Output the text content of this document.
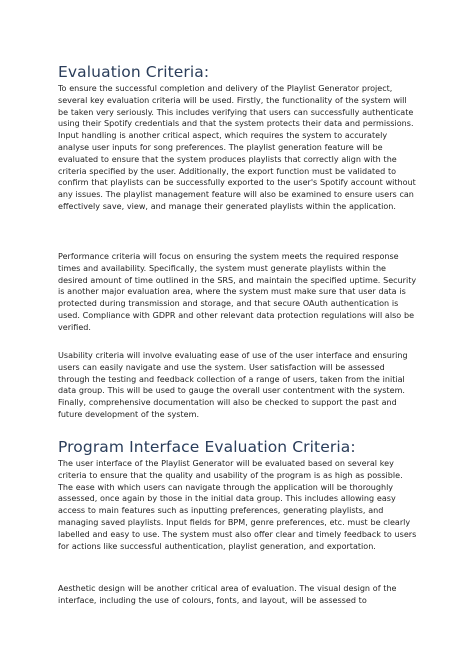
Evaluation Criteria:
To ensure the successful completion and delivery of the Playlist Generator project, several key evaluation criteria will be used. Firstly, the functionality of the system will be taken very seriously. This includes verifying that users can successfully authenticate using their Spotify credentials and that the system protects their data and permissions. Input handling is another critical aspect, which requires the system to accurately analyse user inputs for song preferences. The playlist generation feature will be evaluated to ensure that the system produces playlists that correctly align with the criteria specified by the user. Additionally, the export function must be validated to confirm that playlists can be successfully exported to the user's Spotify account without any issues. The playlist management feature will also be examined to ensure users can effectively save, view, and manage their generated playlists within the application.
Performance criteria will focus on ensuring the system meets the required response times and availability. Specifically, the system must generate playlists within the desired amount of time outlined in the SRS, and maintain the specified uptime. Security is another major evaluation area, where the system must make sure that user data is protected during transmission and storage, and that secure OAuth authentication is used. Compliance with GDPR and other relevant data protection regulations will also be verified.
Usability criteria will involve evaluating ease of use of the user interface and ensuring users can easily navigate and use the system. User satisfaction will be assessed through the testing and feedback collection of a range of users, taken from the initial data group. This will be used to gauge the overall user contentment with the system. Finally, comprehensive documentation will also be checked to support the past and future development of the system.
Program Interface Evaluation Criteria:
The user interface of the Playlist Generator will be evaluated based on several key criteria to ensure that the quality and usability of the program is as high as possible. The ease with which users can navigate through the application will be thoroughly assessed, once again by those in the initial data group. This includes allowing easy access to main features such as inputting preferences, generating playlists, and managing saved playlists. Input fields for BPM, genre preferences, etc. must be clearly labelled and easy to use. The system must also offer clear and timely feedback to users for actions like successful authentication, playlist generation, and exportation.
Aesthetic design will be another critical area of evaluation. The visual design of the interface, including the use of colours, fonts, and layout, will be assessed to
